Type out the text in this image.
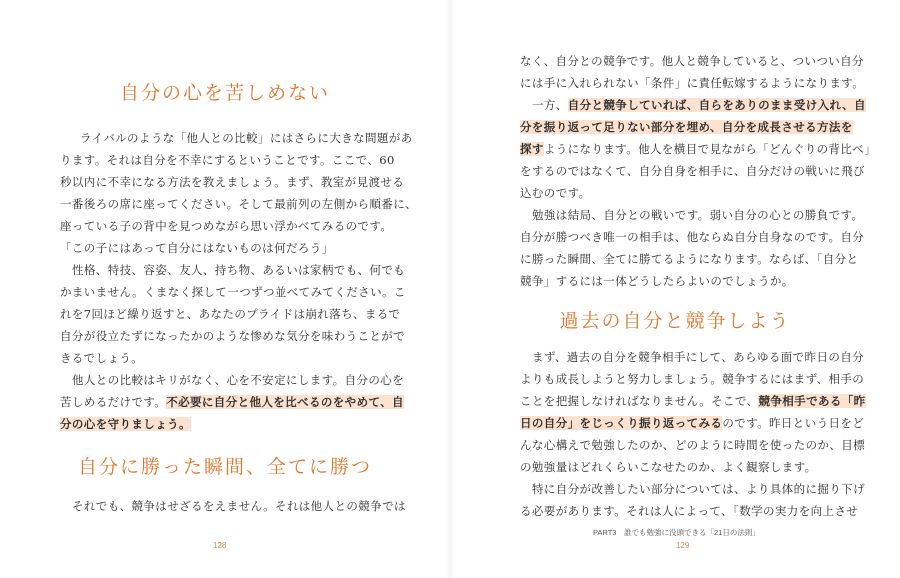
自分の心を苦しめない
ライバルのような「他人との比較」にはさらに大きな問題があ
ります。それは自分を不幸にするということです。ここで、60
秒以内に不幸になる方法を教えましょう。まず、教室が見渡せる
一番後ろの席に座ってください。そして最前列の左側から順番に、
座っている子の背中を見つめながら思い浮かべてみるのです。
「この子にはあって自分にはないものは何だろう」
性格、特技、容姿、友人、持ち物、あるいは家柄でも、何でも
かまいません。くまなく探して一つずつ並べてみてください。こ
れを7回ほど繰り返すと、あなたのプライドは崩れ落ち、まるで
自分が役立たずになったかのような惨めな気分を味わうことがで
きるでしょう。
他人との比較はキリがなく、心を不安定にします。自分の心を
苦しめるだけです。不必要に自分と他人を比べるのをやめて、自
分の心を守りましょう。
自分に勝った瞬間、全てに勝つ
それでも、競争はせざるをえません。それは他人との競争では
128
なく、自分との競争です。他人と競争していると、ついつい自分
には手に入れられない「条件」に責任転嫁するようになります。
一方、自分と競争していれば、自らをありのまま受け入れ、自
分を振り返って足りない部分を埋め、自分を成長させる方法を
探すようになります。他人を横目で見ながら「どんぐりの背比べ」
をするのではなくて、自分自身を相手に、自分だけの戦いに飛び
込むのです。
勉強は結局、自分との戦いです。弱い自分の心との勝負です。
自分が勝つべき唯一の相手は、他ならぬ自分自身なのです。自分
に勝った瞬間、全てに勝てるようになります。ならば、「自分と
競争」するには一体どうしたらよいのでしょうか。
過去の自分と競争しよう
まず、過去の自分を競争相手にして、あらゆる面で昨日の自分
よりも成長しようと努力しましょう。競争するにはまず、相手の
ことを把握しなければなりません。そこで、競争相手である「昨
日の自分」をじっくり振り返ってみるのです。昨日という日をど
んな心構えで勉強したのか、どのように時間を使ったのか、目標
の勉強量はどれくらいこなせたのか、よく観察します。
特に自分が改善したい部分については、より具体的に掘り下げ
る必要があります。それは人によって、「数学の実力を向上させ
129
PART3　誰でも勉強に没頭できる「21日の法則」
